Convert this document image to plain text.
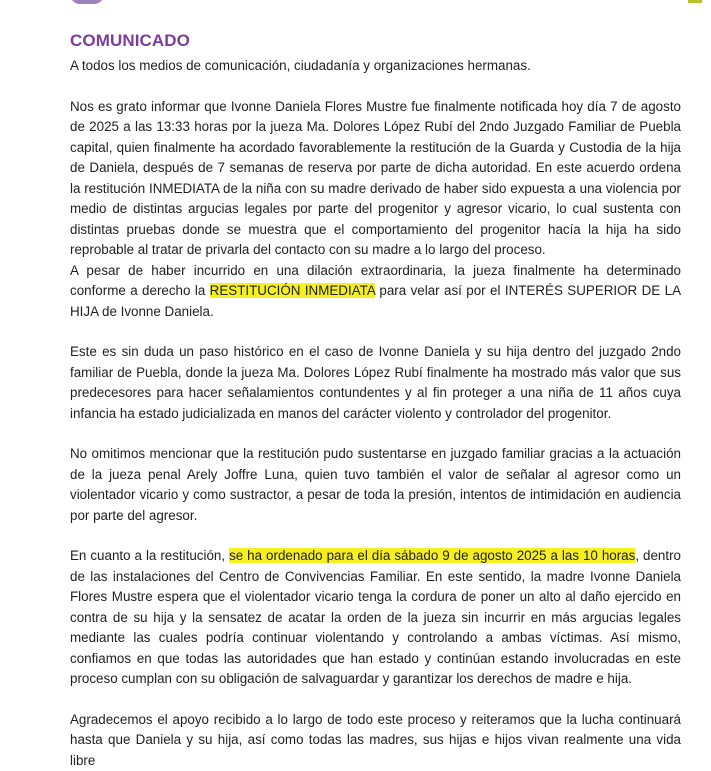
COMUNICADO

A todos los medios de comunicación, ciudadanía y organizaciones hermanas.

Nos es grato informar que Ivonne Daniela Flores Mustre fue finalmente notificada hoy día 7 de agosto de 2025 a las 13:33 horas por la jueza Ma. Dolores López Rubí del 2ndo Juzgado Familiar de Puebla capital, quien finalmente ha acordado favorablemente la restitución de la Guarda y Custodia de la hija de Daniela, después de 7 semanas de reserva por parte de dicha autoridad. En este acuerdo ordena la restitución INMEDIATA de la niña con su madre derivado de haber sido expuesta a una violencia por medio de distintas argucias legales por parte del progenitor y agresor vicario, lo cual sustenta con distintas pruebas donde se muestra que el comportamiento del progenitor hacía la hija ha sido reprobable al tratar de privarla del contacto con su madre a lo largo del proceso.

A pesar de haber incurrido en una dilación extraordinaria, la jueza finalmente ha determinado conforme a derecho la RESTITUCIÓN INMEDIATA para velar así por el INTERÉS SUPERIOR DE LA HIJA de Ivonne Daniela.

Este es sin duda un paso histórico en el caso de Ivonne Daniela y su hija dentro del juzgado 2ndo familiar de Puebla, donde la jueza Ma. Dolores López Rubí finalmente ha mostrado más valor que sus predecesores para hacer señalamientos contundentes y al fin proteger a una niña de 11 años cuya infancia ha estado judicializada en manos del carácter violento y controlador del progenitor.

No omitimos mencionar que la restitución pudo sustentarse en juzgado familiar gracias a la actuación de la jueza penal Arely Joffre Luna, quien tuvo también el valor de señalar al agresor como un violentador vicario y como sustractor, a pesar de toda la presión, intentos de intimidación en audiencia por parte del agresor.

En cuanto a la restitución, se ha ordenado para el día sábado 9 de agosto 2025 a las 10 horas, dentro de las instalaciones del Centro de Convivencias Familiar. En este sentido, la madre Ivonne Daniela Flores Mustre espera que el violentador vicario tenga la cordura de poner un alto al daño ejercido en contra de su hija y la sensatez de acatar la orden de la jueza sin incurrir en más argucias legales mediante las cuales podría continuar violentando y controlando a ambas víctimas. Así mismo, confiamos en que todas las autoridades que han estado y continúan estando involucradas en este proceso cumplan con su obligación de salvaguardar y garantizar los derechos de madre e hija.

Agradecemos el apoyo recibido a lo largo de todo este proceso y reiteramos que la lucha continuará hasta que Daniela y su hija, así como todas las madres, sus hijas e hijos vivan realmente una vida libre
